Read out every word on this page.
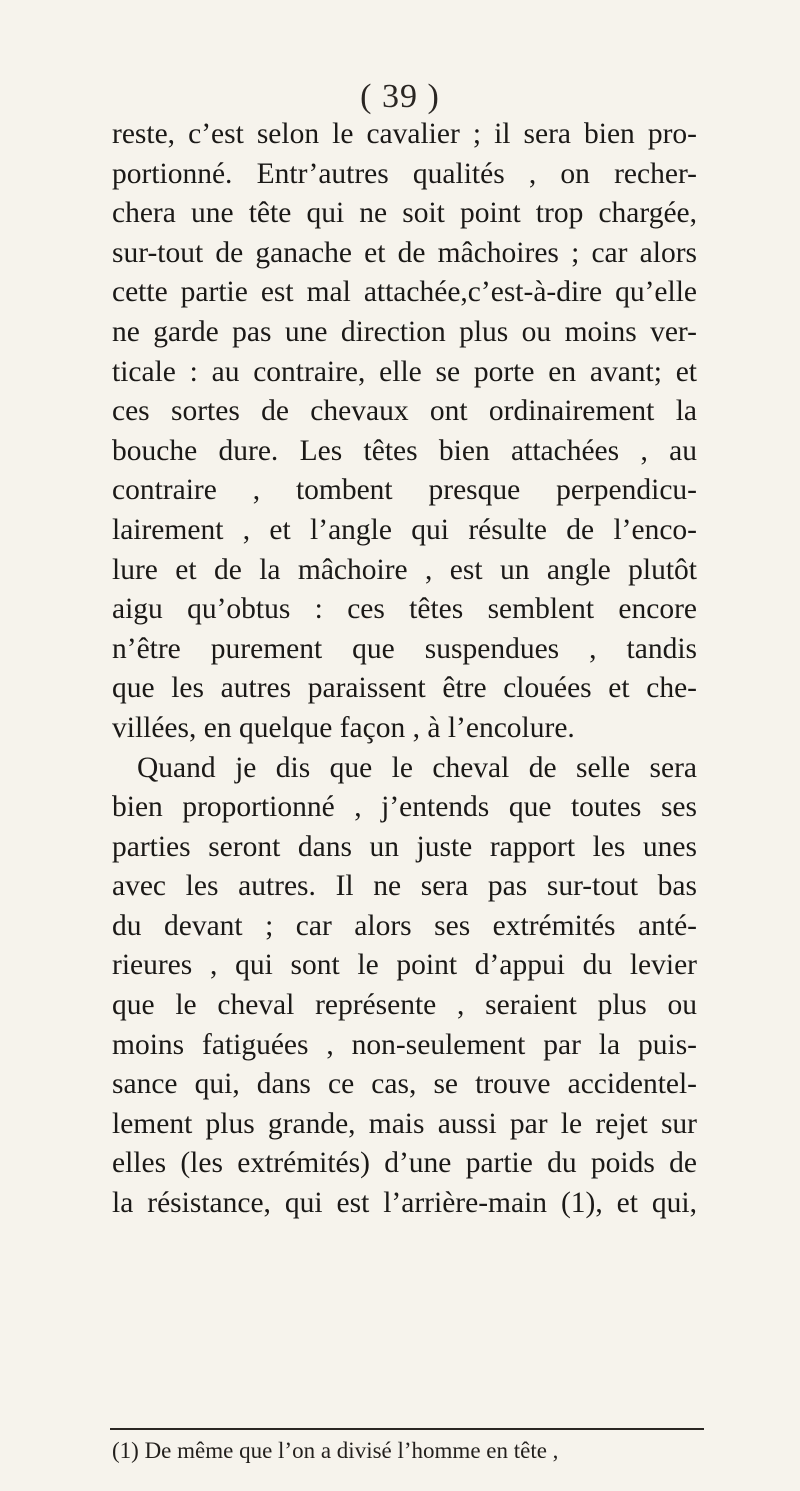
( 39 )
reste, c’est selon le cavalier ; il sera bien pro-
portionné. Entr’autres qualités , on recher-
chera une tête qui ne soit point trop chargée,
sur-tout de ganache et de mâchoires ; car alors
cette partie est mal attachée,c’est-à-dire qu’elle
ne garde pas une direction plus ou moins ver-
ticale : au contraire, elle se porte en avant; et
ces sortes de chevaux ont ordinairement la
bouche dure. Les têtes bien attachées , au
contraire , tombent presque perpendicu-
lairement , et l’angle qui résulte de l’enco-
lure et de la mâchoire , est un angle plutôt
aigu qu’obtus : ces têtes semblent encore
n’être purement que suspendues , tandis
que les autres paraissent être clouées et che-
villées, en quelque façon , à l’encolure.
Quand je dis que le cheval de selle sera
bien proportionné , j’entends que toutes ses
parties seront dans un juste rapport les unes
avec les autres. Il ne sera pas sur-tout bas
du devant ; car alors ses extrémités anté-
rieures , qui sont le point d’appui du levier
que le cheval représente , seraient plus ou
moins fatiguées , non-seulement par la puis-
sance qui, dans ce cas, se trouve accidentel-
lement plus grande, mais aussi par le rejet sur
elles (les extrémités) d’une partie du poids de
la résistance, qui est l’arrière-main (1), et qui,
(1) De même que l’on a divisé l’homme en tête ,
